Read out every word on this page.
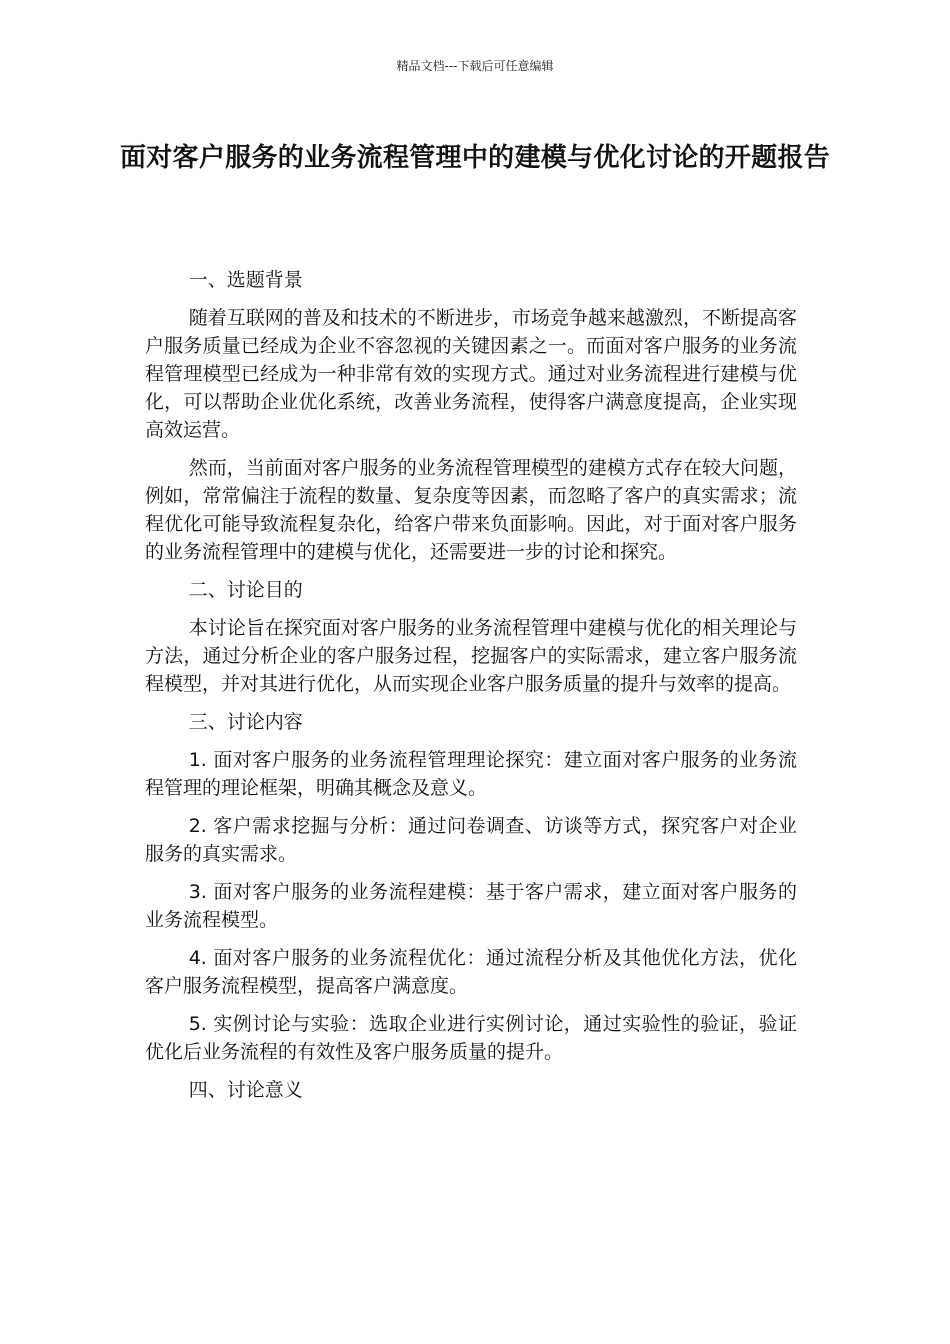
精品文档---下载后可任意编辑
面对客户服务的业务流程管理中的建模与优化讨论的开题报告

一、选题背景

随着互联网的普及和技术的不断进步，市场竞争越来越激烈，不断提高客户服务质量已经成为企业不容忽视的关键因素之一。而面对客户服务的业务流程管理模型已经成为一种非常有效的实现方式。通过对业务流程进行建模与优化，可以帮助企业优化系统，改善业务流程，使得客户满意度提高，企业实现高效运营。

然而，当前面对客户服务的业务流程管理模型的建模方式存在较大问题，例如，常常偏注于流程的数量、复杂度等因素，而忽略了客户的真实需求；流程优化可能导致流程复杂化，给客户带来负面影响。因此，对于面对客户服务的业务流程管理中的建模与优化，还需要进一步的讨论和探究。

二、讨论目的

本讨论旨在探究面对客户服务的业务流程管理中建模与优化的相关理论与方法，通过分析企业的客户服务过程，挖掘客户的实际需求，建立客户服务流程模型，并对其进行优化，从而实现企业客户服务质量的提升与效率的提高。

三、讨论内容

1. 面对客户服务的业务流程管理理论探究：建立面对客户服务的业务流程管理的理论框架，明确其概念及意义。

2. 客户需求挖掘与分析：通过问卷调查、访谈等方式，探究客户对企业服务的真实需求。

3. 面对客户服务的业务流程建模：基于客户需求，建立面对客户服务的业务流程模型。

4. 面对客户服务的业务流程优化：通过流程分析及其他优化方法，优化客户服务流程模型，提高客户满意度。

5. 实例讨论与实验：选取企业进行实例讨论，通过实验性的验证，验证优化后业务流程的有效性及客户服务质量的提升。

四、讨论意义
